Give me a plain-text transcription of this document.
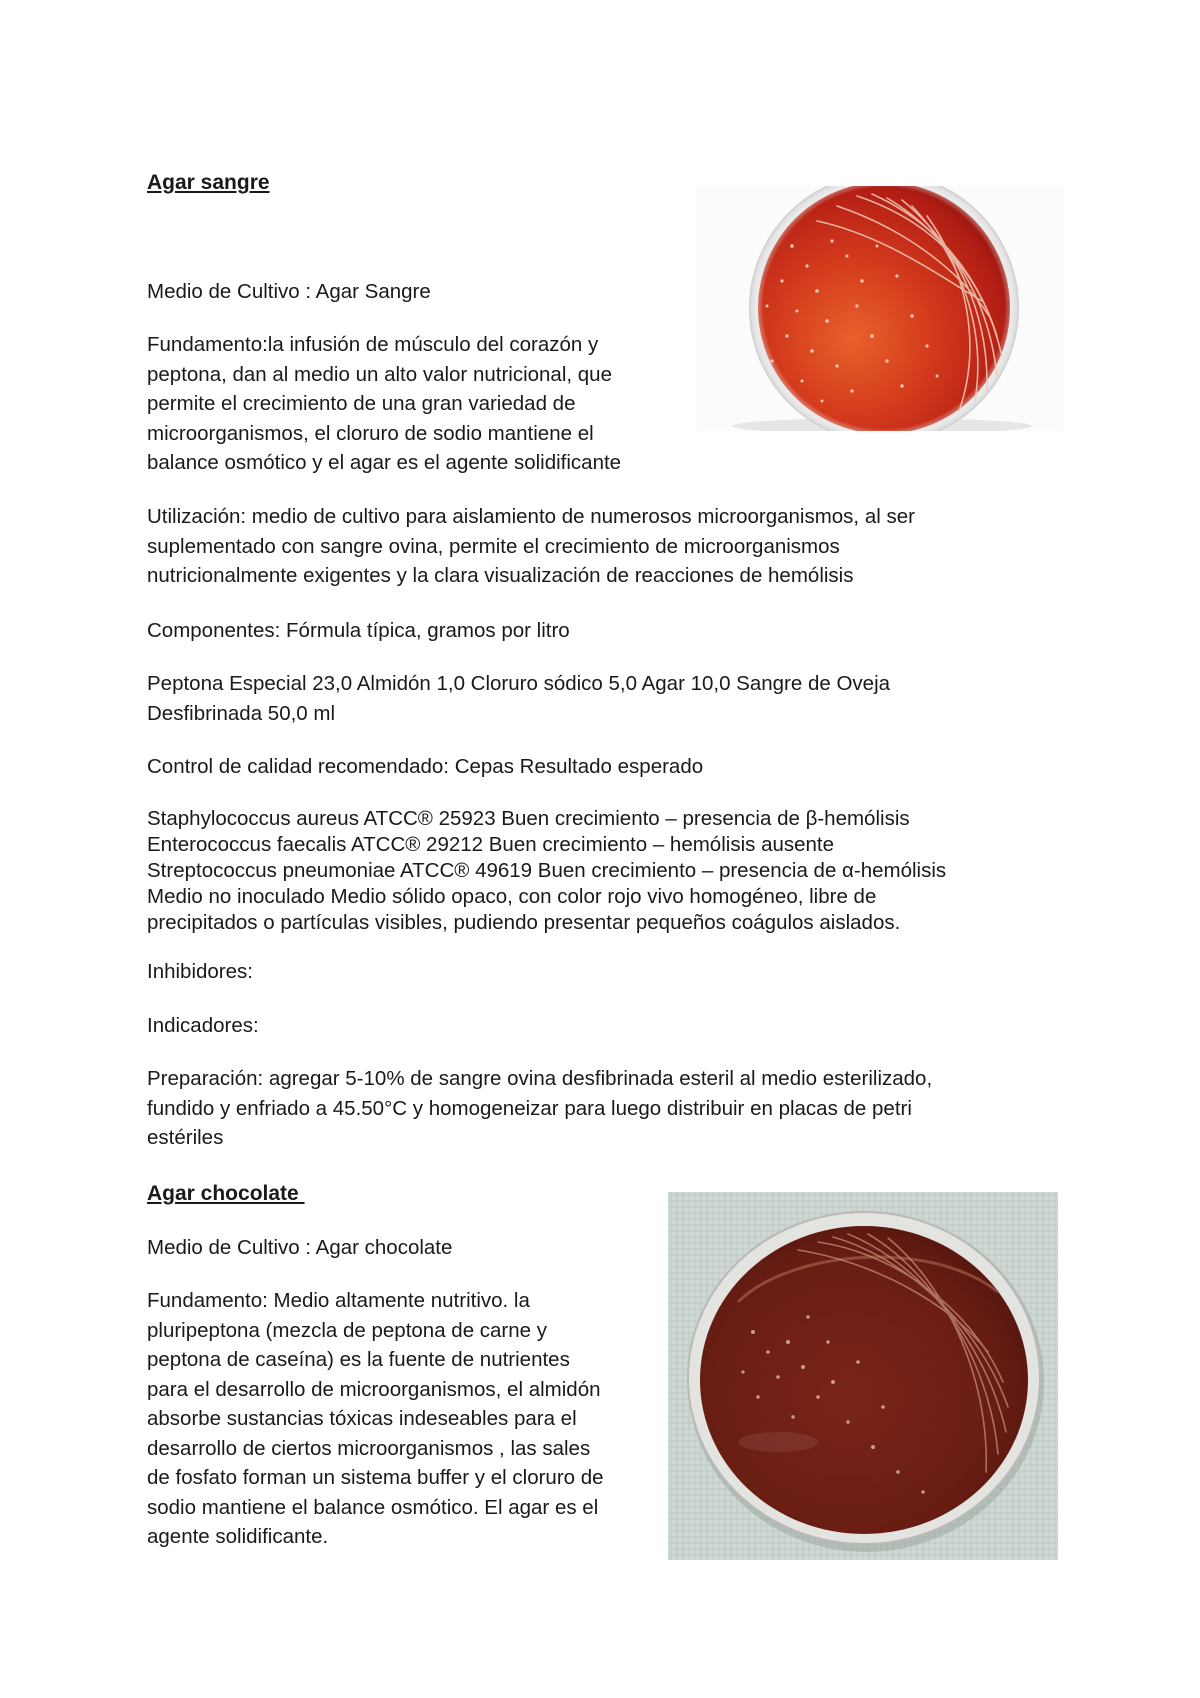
Agar sangre
Medio de Cultivo : Agar Sangre
Fundamento:la infusión de músculo del corazón y
peptona, dan al medio un alto valor nutricional, que
permite el crecimiento de una gran variedad de
microorganismos, el cloruro de sodio mantiene el
balance osmótico y el agar es el agente solidificante
Utilización: medio de cultivo para aislamiento de numerosos microorganismos, al ser
suplementado con sangre ovina, permite el crecimiento de microorganismos
nutricionalmente exigentes y la clara visualización de reacciones de hemólisis
Componentes: Fórmula típica, gramos por litro
Peptona Especial 23,0 Almidón 1,0 Cloruro sódico 5,0 Agar 10,0 Sangre de Oveja
Desfibrinada 50,0 ml
Control de calidad recomendado: Cepas Resultado esperado
Staphylococcus aureus ATCC® 25923 Buen crecimiento – presencia de β-hemólisis
Enterococcus faecalis ATCC® 29212 Buen crecimiento – hemólisis ausente
Streptococcus pneumoniae ATCC® 49619 Buen crecimiento – presencia de α-hemólisis
Medio no inoculado Medio sólido opaco, con color rojo vivo homogéneo, libre de
precipitados o partículas visibles, pudiendo presentar pequeños coágulos aislados.
Inhibidores:
Indicadores:
Preparación: agregar 5-10% de sangre ovina desfibrinada esteril al medio esterilizado,
fundido y enfriado a 45.50°C y homogeneizar para luego distribuir en placas de petri
estériles
Agar chocolate
Medio de Cultivo : Agar chocolate
Fundamento: Medio altamente nutritivo. la
pluripeptona (mezcla de peptona de carne y
peptona de caseína) es la fuente de nutrientes
para el desarrollo de microorganismos, el almidón
absorbe sustancias tóxicas indeseables para el
desarrollo de ciertos microorganismos , las sales
de fosfato forman un sistema buffer y el cloruro de
sodio mantiene el balance osmótico. El agar es el
agente solidificante.
